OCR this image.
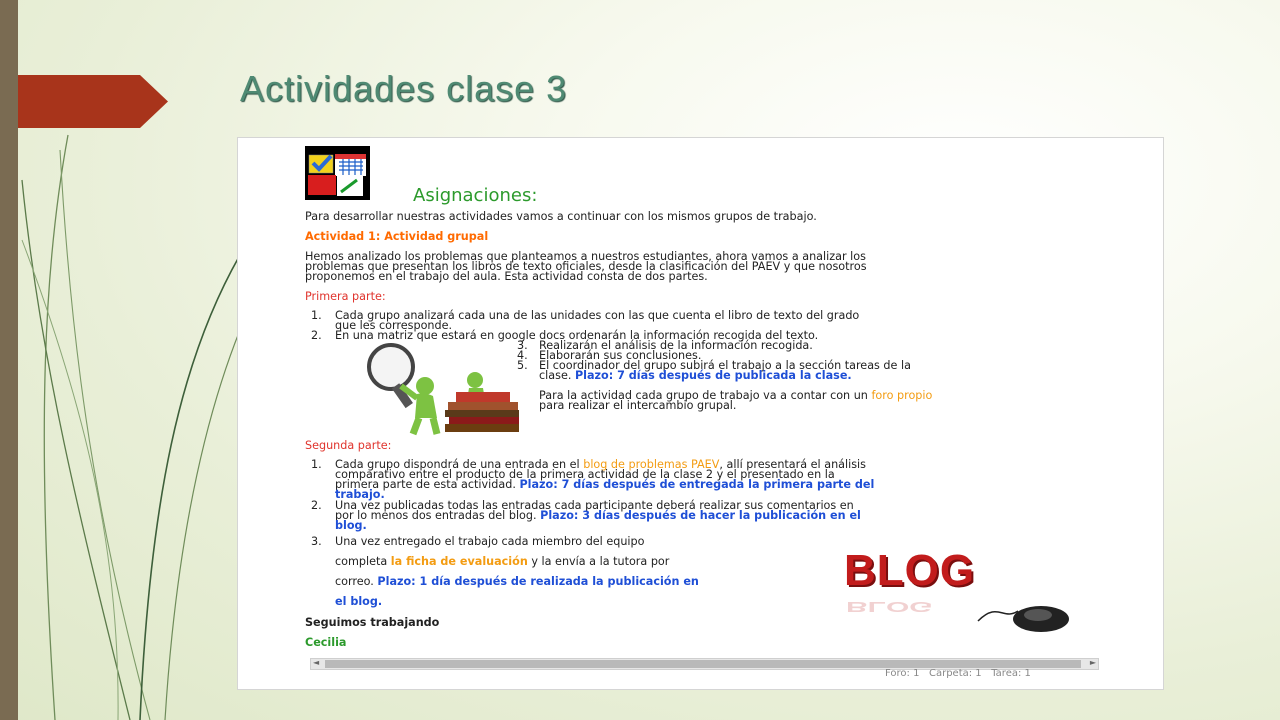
Actividades clase 3
Asignaciones:

Para desarrollar nuestras actividades vamos a continuar con los mismos grupos de trabajo.

Actividad 1: Actividad grupal

Hemos analizado los problemas que planteamos a nuestros estudiantes, ahora vamos a analizar los

problemas que presentan los libros de texto oficiales, desde la clasificación del PAEV y que nosotros

proponemos en el trabajo del aula. Esta actividad consta de dos partes.

Primera parte:

1. Cada grupo analizará cada una de las unidades con las que cuenta el libro de texto del grado

que les corresponde.

2. En una matriz que estará en google docs ordenarán la información recogida del texto.

3. Realizarán el análisis de la información recogida.

4. Elaborarán sus conclusiones.

5. El coordinador del grupo subirá el trabajo a la sección tareas de la

clase. Plazo: 7 días después de publicada la clase.

Para la actividad cada grupo de trabajo va a contar con un foro propio

para realizar el intercambio grupal.

Segunda parte:

1. Cada grupo dispondrá de una entrada en el blog de problemas PAEV, allí presentará el análisis

comparativo entre el producto de la primera actividad de la clase 2 y el presentado en la

primera parte de esta actividad. Plazo: 7 días después de entregada la primera parte del

trabajo.

2. Una vez publicadas todas las entradas cada participante deberá realizar sus comentarios en

por lo menos dos entradas del blog. Plazo: 3 días después de hacer la publicación en el

blog.

3. Una vez entregado el trabajo cada miembro del equipo

completa la ficha de evaluación y la envía a la tutora por

correo. Plazo: 1 día después de realizada la publicación en

el blog.

BLOG
BLOG

Seguimos trabajando

Cecilia

◄	►
Foro: 1 Carpeta: 1 Tarea: 1
